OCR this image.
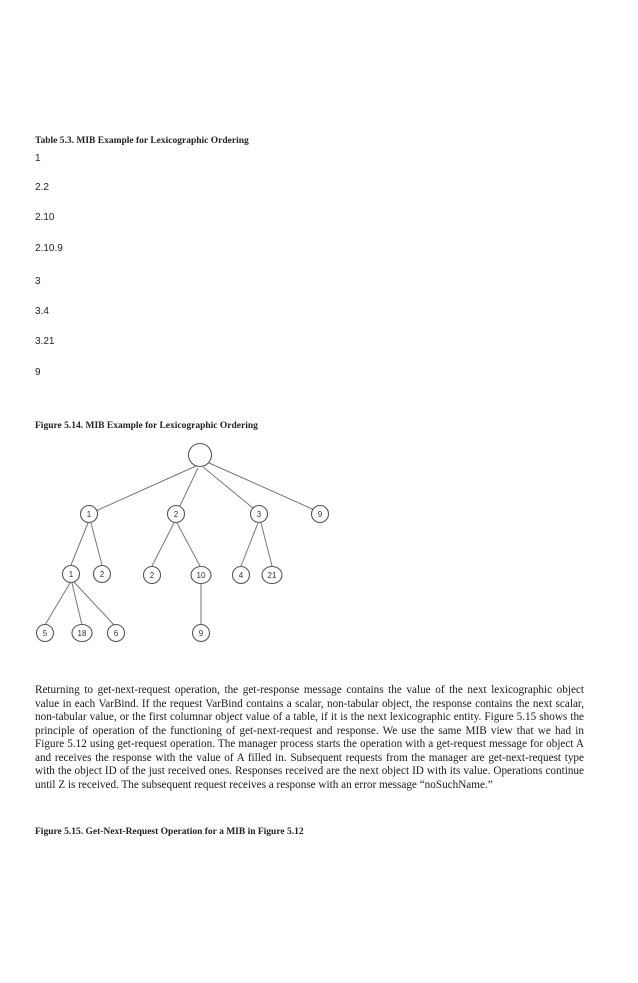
Table 5.3. MIB Example for Lexicographic Ordering
1
2.2
2.10
2.10.9
3
3.4
3.21
9
Figure 5.14. MIB Example for Lexicographic Ordering
1	2	3	9
1	2	2	10	4	21
5	18	6	9
Returning to get-next-request operation, the get-response message contains the value of the next lexicographic object value in each VarBind. If the request VarBind contains a scalar, non-tabular object, the response contains the next scalar, non-tabular value, or the first columnar object value of a table, if it is the next lexicographic entity. Figure 5.15 shows the principle of operation of the functioning of get-next-request and response. We use the same MIB view that we had in Figure 5.12 using get-request operation. The manager process starts the operation with a get-request message for object A and receives the response with the value of A filled in. Subsequent requests from the manager are get-next-request type with the object ID of the just received ones. Responses received are the next object ID with its value. Operations continue until Z is received. The subsequent request receives a response with an error message “noSuchName.”
Figure 5.15. Get-Next-Request Operation for a MIB in Figure 5.12
